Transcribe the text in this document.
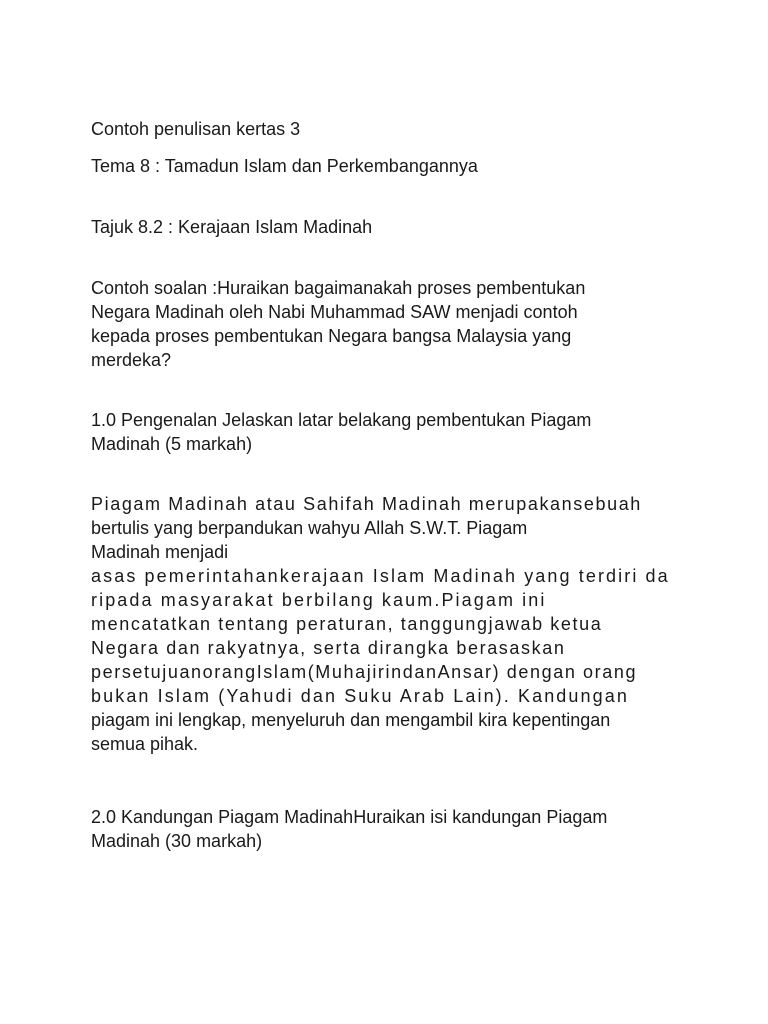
Contoh penulisan kertas 3

Tema 8 : Tamadun Islam dan Perkembangannya

Tajuk 8.2 : Kerajaan Islam Madinah

Contoh soalan :Huraikan bagaimanakah proses pembentukan
Negara Madinah oleh Nabi Muhammad SAW menjadi contoh
kepada proses pembentukan Negara bangsa Malaysia yang
merdeka?
1.0 Pengenalan Jelaskan latar belakang pembentukan Piagam
Madinah (5 markah)
Piagam Madinah atau Sahifah Madinah merupakansebuah
bertulis yang berpandukan wahyu Allah S.W.T. Piagam
Madinah menjadi
asas pemerintahankerajaan Islam Madinah yang terdiri da
ripada masyarakat berbilang kaum.Piagam ini
mencatatkan tentang peraturan, tanggungjawab ketua
Negara dan rakyatnya, serta dirangka berasaskan
persetujuanorangIslam(MuhajirindanAnsar) dengan orang
bukan Islam (Yahudi dan Suku Arab Lain). Kandungan
piagam ini lengkap, menyeluruh dan mengambil kira kepentingan
semua pihak.
2.0 Kandungan Piagam MadinahHuraikan isi kandungan Piagam
Madinah (30 markah)
